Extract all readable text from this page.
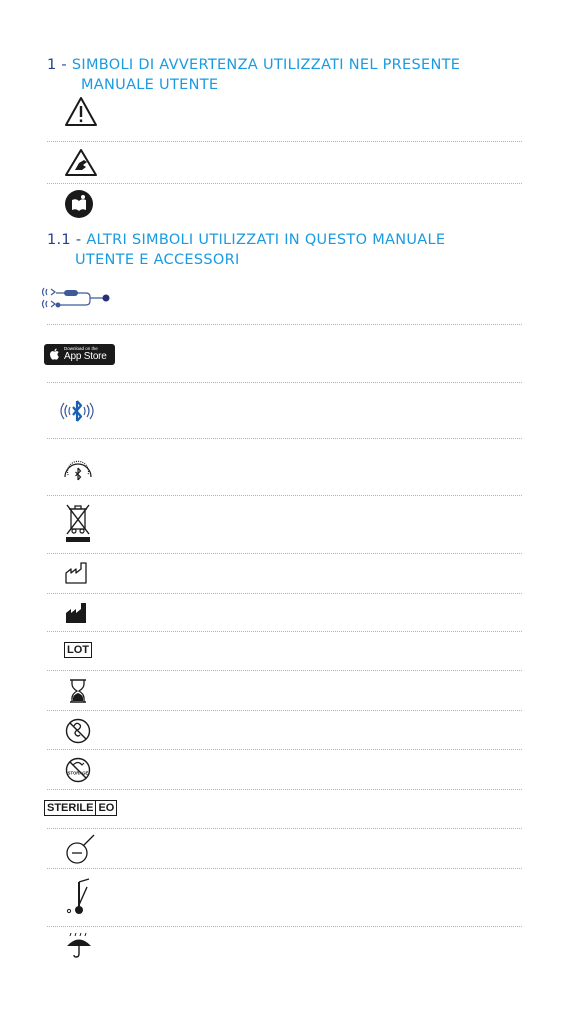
1 - SIMBOLI DI AVVERTENZA UTILIZZATI NEL PRESENTE
MANUALE UTENTE
1.1 - ALTRI SIMBOLI UTILIZZATI IN QUESTO MANUALE
UTENTE E ACCESSORI
Download on the
App Store
LOT
STORAGE
STERILE EO
